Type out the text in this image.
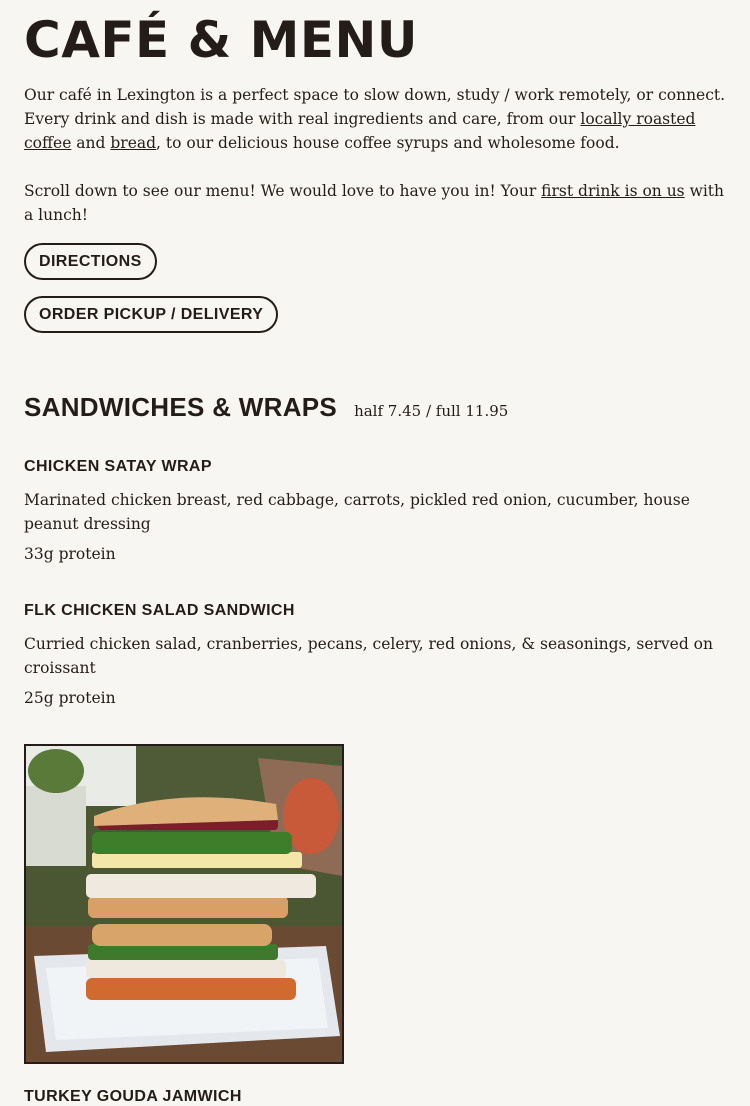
CAFÉ & MENU

Our café in Lexington is a perfect space to slow down, study / work remotely, or connect. Every drink and dish is made with real ingredients and care, from our locally roasted coffee and bread, to our delicious house coffee syrups and wholesome food.

Scroll down to see our menu! We would love to have you in! Your first drink is on us with a lunch!

DIRECTIONS
ORDER PICKUP / DELIVERY
SANDWICHES & WRAPS half 7.45 / full 11.95
CHICKEN SATAY WRAP

Marinated chicken breast, red cabbage, carrots, pickled red onion, cucumber, house peanut dressing

33g protein

FLK CHICKEN SALAD SANDWICH

Curried chicken salad, cranberries, pecans, celery, red onions, & seasonings, served on croissant

25g protein

TURKEY GOUDA JAMWICH
